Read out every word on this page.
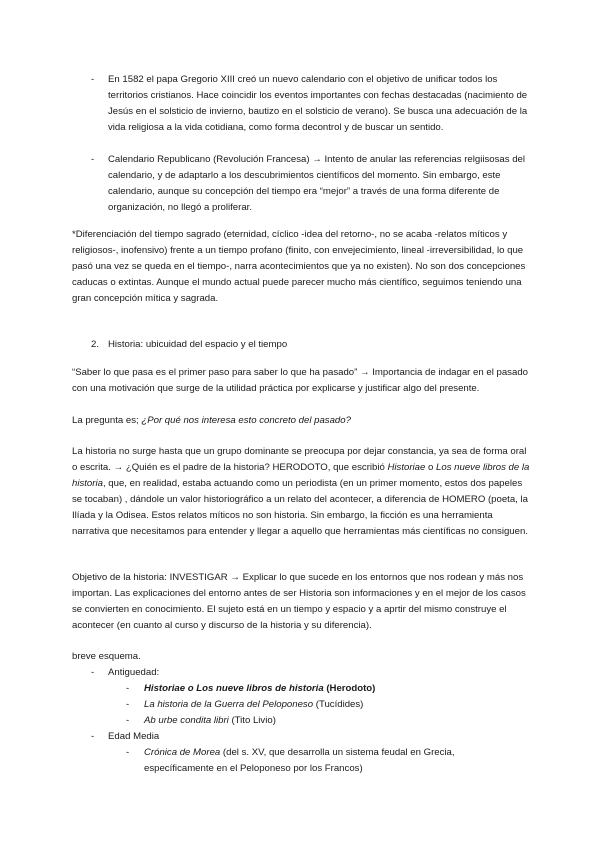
-	En 1582 el papa Gregorio XIII creó un nuevo calendario con el objetivo de unificar todos los territorios cristianos. Hace coincidir los eventos importantes con fechas destacadas (nacimiento de Jesús en el solsticio de invierno, bautizo en el solsticio de verano). Se busca una adecuación de la vida religiosa a la vida cotidiana, como forma decontrol y de buscar un sentido.

-	Calendario Republicano (Revolución Francesa) → Intento de anular las referencias relgiisosas del calendario, y de adaptarlo a los descubrimientos científicos del momento. Sin embargo, este calendario, aunque su concepción del tiempo era “mejor” a través de una forma diferente de organización, no llegó a proliferar.

*Diferenciación del tiempo sagrado (eternidad, cíclico -idea del retorno-, no se acaba -relatos míticos y religiosos-, inofensivo) frente a un tiempo profano (finito, con envejecimiento, lineal -irreversibilidad, lo que pasó una vez se queda en el tiempo-, narra acontecimientos que ya no existen). No son dos concepciones caducas o extintas. Aunque el mundo actual puede parecer mucho más científico, seguimos teniendo una gran concepción mítica y sagrada.

2. Historia: ubicuidad del espacio y el tiempo

“Saber lo que pasa es el primer paso para saber lo que ha pasado” → Importancia de indagar en el pasado con una motivación que surge de la utilidad práctica por explicarse y justificar algo del presente.

La pregunta es; ¿Por qué nos interesa esto concreto del pasado?

La historia no surge hasta que un grupo dominante se preocupa por dejar constancia, ya sea de forma oral o escrita. → ¿Quién es el padre de la historia? HERODOTO, que escribió Historiae o Los nueve libros de la historia, que, en realidad, estaba actuando como un periodista (en un primer momento, estos dos papeles se tocaban) , dándole un valor historiográfico a un relato del acontecer, a diferencia de HOMERO (poeta, la Ilíada y la Odisea. Estos relatos míticos no son historia. Sin embargo, la ficción es una herramienta narrativa que necesitamos para entender y llegar a aquello que herramientas más científicas no consiguen.

Objetivo de la historia: INVESTIGAR → Explicar lo que sucede en los entornos que nos rodean y más nos importan. Las explicaciones del entorno antes de ser Historia son informaciones y en el mejor de los casos se convierten en conocimiento. El sujeto está en un tiempo y espacio y a aprtir del mismo construye el acontecer (en cuanto al curso y discurso de la historia y su diferencia).

breve esquema.

-	Antiguedad:

-	Historiae o Los nueve libros de historia (Herodoto)

-	La historia de la Guerra del Peloponeso (Tucídides)

-	Ab urbe condita libri (Tito Livio)

-	Edad Media

-	Crónica de Morea (del s. XV, que desarrolla un sistema feudal en Grecia, específicamente en el Peloponeso por los Francos)
